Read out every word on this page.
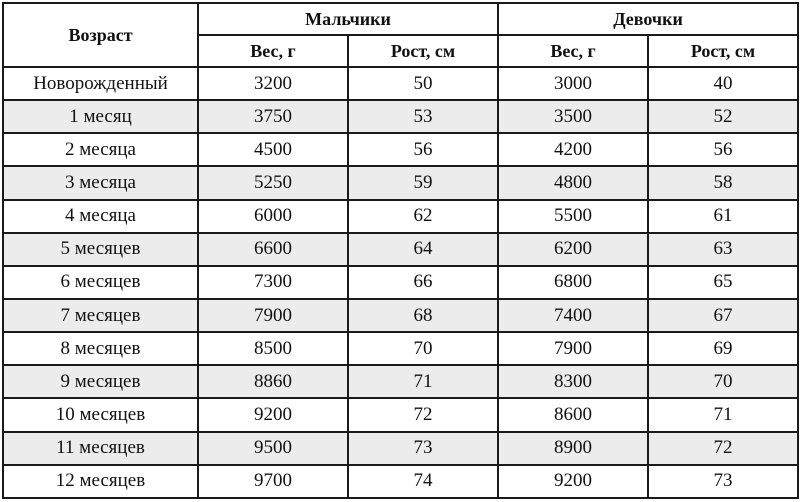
Возраст	Мальчики		Девочки	
	Вес, г	Рост, см	Вес, г	Рост, см
Новорожденный	3200	50	3000	40
1 месяц	3750	53	3500	52
2 месяца	4500	56	4200	56
3 месяца	5250	59	4800	58
4 месяца	6000	62	5500	61
5 месяцев	6600	64	6200	63
6 месяцев	7300	66	6800	65
7 месяцев	7900	68	7400	67
8 месяцев	8500	70	7900	69
9 месяцев	8860	71	8300	70
10 месяцев	9200	72	8600	71
11 месяцев	9500	73	8900	72
12 месяцев	9700	74	9200	73
